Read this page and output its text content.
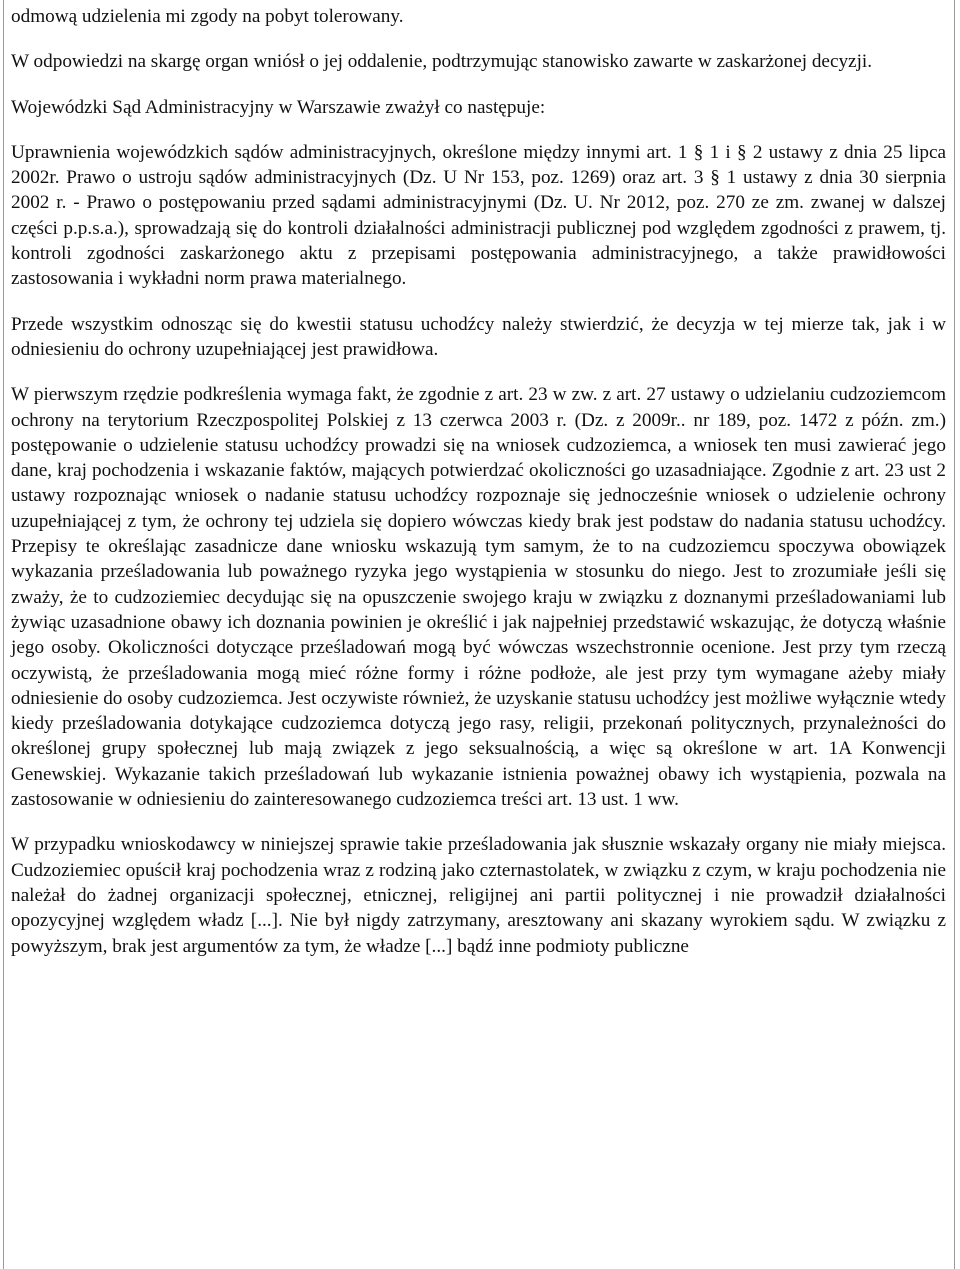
odmową udzielenia mi zgody na pobyt tolerowany.

W odpowiedzi na skargę organ wniósł o jej oddalenie, podtrzymując stanowisko zawarte w zaskarżonej decyzji.

Wojewódzki Sąd Administracyjny w Warszawie zważył co następuje:

Uprawnienia wojewódzkich sądów administracyjnych, określone między innymi art. 1 § 1 i § 2 ustawy z dnia 25 lipca 2002r. Prawo o ustroju sądów administracyjnych (Dz. U Nr 153, poz. 1269) oraz art. 3 § 1 ustawy z dnia 30 sierpnia 2002 r. - Prawo o postępowaniu przed sądami administracyjnymi (Dz. U. Nr 2012, poz. 270 ze zm. zwanej w dalszej części p.p.s.a.), sprowadzają się do kontroli działalności administracji publicznej pod względem zgodności z prawem, tj. kontroli zgodności zaskarżonego aktu z przepisami postępowania administracyjnego, a także prawidłowości zastosowania i wykładni norm prawa materialnego.

Przede wszystkim odnosząc się do kwestii statusu uchodźcy należy stwierdzić, że decyzja w tej mierze tak, jak i w odniesieniu do ochrony uzupełniającej jest prawidłowa.

W pierwszym rzędzie podkreślenia wymaga fakt, że zgodnie z art. 23 w zw. z art. 27 ustawy o udzielaniu cudzoziemcom ochrony na terytorium Rzeczpospolitej Polskiej z 13 czerwca 2003 r. (Dz. z 2009r.. nr 189, poz. 1472 z późn. zm.) postępowanie o udzielenie statusu uchodźcy prowadzi się na wniosek cudzoziemca, a wniosek ten musi zawierać jego dane, kraj pochodzenia i wskazanie faktów, mających potwierdzać okoliczności go uzasadniające. Zgodnie z art. 23 ust 2 ustawy rozpoznając wniosek o nadanie statusu uchodźcy rozpoznaje się jednocześnie wniosek o udzielenie ochrony uzupełniającej z tym, że ochrony tej udziela się dopiero wówczas kiedy brak jest podstaw do nadania statusu uchodźcy. Przepisy te określając zasadnicze dane wniosku wskazują tym samym, że to na cudzoziemcu spoczywa obowiązek wykazania prześladowania lub poważnego ryzyka jego wystąpienia w stosunku do niego. Jest to zrozumiałe jeśli się zważy, że to cudzoziemiec decydując się na opuszczenie swojego kraju w związku z doznanymi prześladowaniami lub żywiąc uzasadnione obawy ich doznania powinien je określić i jak najpełniej przedstawić wskazując, że dotyczą właśnie jego osoby. Okoliczności dotyczące prześladowań mogą być wówczas wszechstronnie ocenione. Jest przy tym rzeczą oczywistą, że prześladowania mogą mieć różne formy i różne podłoże, ale jest przy tym wymagane ażeby miały odniesienie do osoby cudzoziemca. Jest oczywiste również, że uzyskanie statusu uchodźcy jest możliwe wyłącznie wtedy kiedy prześladowania dotykające cudzoziemca dotyczą jego rasy, religii, przekonań politycznych, przynależności do określonej grupy społecznej lub mają związek z jego seksualnością, a więc są określone w art. 1A Konwencji Genewskiej. Wykazanie takich prześladowań lub wykazanie istnienia poważnej obawy ich wystąpienia, pozwala na zastosowanie w odniesieniu do zainteresowanego cudzoziemca treści art. 13 ust. 1 ww.

W przypadku wnioskodawcy w niniejszej sprawie takie prześladowania jak słusznie wskazały organy nie miały miejsca. Cudzoziemiec opuścił kraj pochodzenia wraz z rodziną jako czternastolatek, w związku z czym, w kraju pochodzenia nie należał do żadnej organizacji społecznej, etnicznej, religijnej ani partii politycznej i nie prowadził działalności opozycyjnej względem władz [...]. Nie był nigdy zatrzymany, aresztowany ani skazany wyrokiem sądu. W związku z powyższym, brak jest argumentów za tym, że władze [...] bądź inne podmioty publiczne
